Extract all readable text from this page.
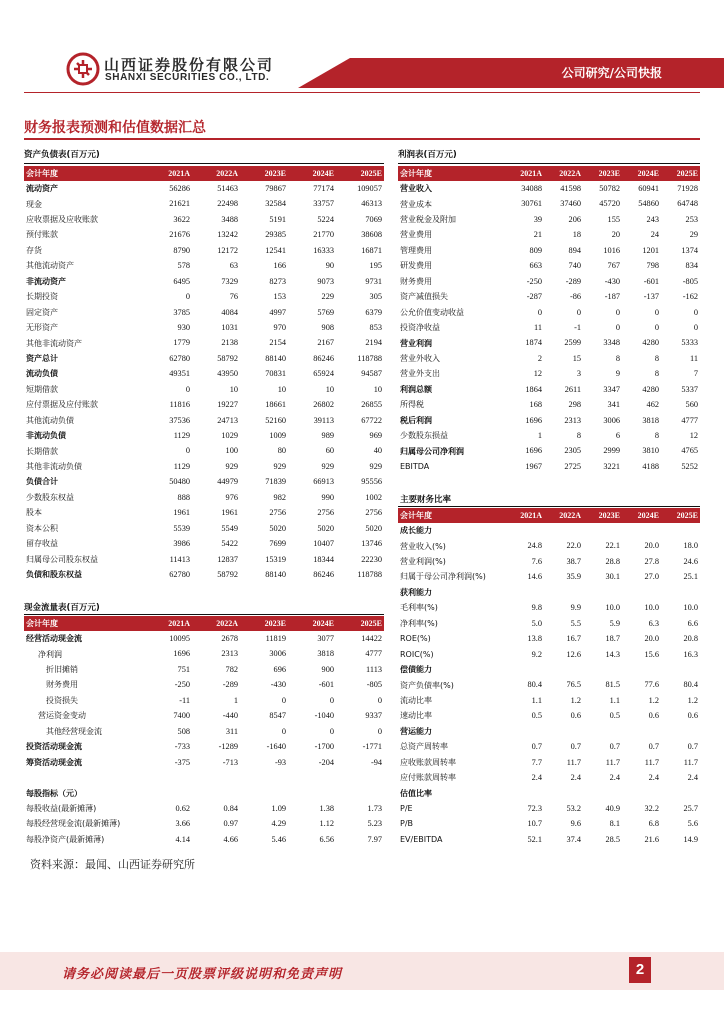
山西证券股份有限公司
SHANXI SECURITIES CO., LTD.	公司研究/公司快报
财务报表预测和估值数据汇总
资产负债表(百万元)
会计年度	2021A	2022A	2023E	2024E	2025E
流动资产	56286	51463	79867	77174	109057
现金	21621	22498	32584	33757	46313
应收票据及应收账款	3622	3488	5191	5224	7069
预付账款	21676	13242	29385	21770	38608
存货	8790	12172	12541	16333	16871
其他流动资产	578	63	166	90	195
非流动资产	6495	7329	8273	9073	9731
长期投资	0	76	153	229	305
固定资产	3785	4084	4997	5769	6379
无形资产	930	1031	970	908	853
其他非流动资产	1779	2138	2154	2167	2194
资产总计	62780	58792	88140	86246	118788
流动负债	49351	43950	70831	65924	94587
短期借款	0	10	10	10	10
应付票据及应付账款	11816	19227	18661	26802	26855
其他流动负债	37536	24713	52160	39113	67722
非流动负债	1129	1029	1009	989	969
长期借款	0	100	80	60	40
其他非流动负债	1129	929	929	929	929
负债合计	50480	44979	71839	66913	95556
少数股东权益	888	976	982	990	1002
股本	1961	1961	2756	2756	2756
资本公积	5539	5549	5020	5020	5020
留存收益	3986	5422	7699	10407	13746
归属母公司股东权益	11413	12837	15319	18344	22230
负债和股东权益	62780	58792	88140	86246	118788
现金流量表(百万元)
会计年度	2021A	2022A	2023E	2024E	2025E
经营活动现金流	10095	2678	11819	3077	14422
净利润	1696	2313	3006	3818	4777
折旧摊销	751	782	696	900	1113
财务费用	-250	-289	-430	-601	-805
投资损失	-11	1	0	0	0
营运资金变动	7400	-440	8547	-1040	9337
其他经营现金流	508	311	0	0	0
投资活动现金流	-733	-1289	-1640	-1700	-1771
筹资活动现金流	-375	-713	-93	-204	-94

每股指标（元）					
每股收益(最新摊薄)	0.62	0.84	1.09	1.38	1.73
每股经营现金流(最新摊薄)	3.66	0.97	4.29	1.12	5.23
每股净资产(最新摊薄)	4.14	4.66	5.46	6.56	7.97
利润表(百万元)
会计年度	2021A	2022A	2023E	2024E	2025E
营业收入	34088	41598	50782	60941	71928
营业成本	30761	37460	45720	54860	64748
营业税金及附加	39	206	155	243	253
营业费用	21	18	20	24	29
管理费用	809	894	1016	1201	1374
研发费用	663	740	767	798	834
财务费用	-250	-289	-430	-601	-805
资产减值损失	-287	-86	-187	-137	-162
公允价值变动收益	0	0	0	0	0
投资净收益	11	-1	0	0	0
营业利润	1874	2599	3348	4280	5333
营业外收入	2	15	8	8	11
营业外支出	12	3	9	8	7
利润总额	1864	2611	3347	4280	5337
所得税	168	298	341	462	560
税后利润	1696	2313	3006	3818	4777
少数股东损益	1	8	6	8	12
归属母公司净利润	1696	2305	2999	3810	4765
EBITDA	1967	2725	3221	4188	5252
主要财务比率
会计年度	2021A	2022A	2023E	2024E	2025E
成长能力					
营业收入(%)	24.8	22.0	22.1	20.0	18.0
营业利润(%)	7.6	38.7	28.8	27.8	24.6
归属于母公司净利润(%)	14.6	35.9	30.1	27.0	25.1
获利能力					
毛利率(%)	9.8	9.9	10.0	10.0	10.0
净利率(%)	5.0	5.5	5.9	6.3	6.6
ROE(%)	13.8	16.7	18.7	20.0	20.8
ROIC(%)	9.2	12.6	14.3	15.6	16.3
偿债能力					
资产负债率(%)	80.4	76.5	81.5	77.6	80.4
流动比率	1.1	1.2	1.1	1.2	1.2
速动比率	0.5	0.6	0.5	0.6	0.6
营运能力					
总资产周转率	0.7	0.7	0.7	0.7	0.7
应收账款周转率	7.7	11.7	11.7	11.7	11.7
应付账款周转率	2.4	2.4	2.4	2.4	2.4
估值比率					
P/E	72.3	53.2	40.9	32.2	25.7
P/B	10.7	9.6	8.1	6.8	5.6
EV/EBITDA	52.1	37.4	28.5	21.6	14.9
资料来源：最闻、山西证券研究所
请务必阅读最后一页股票评级说明和免责声明	2
